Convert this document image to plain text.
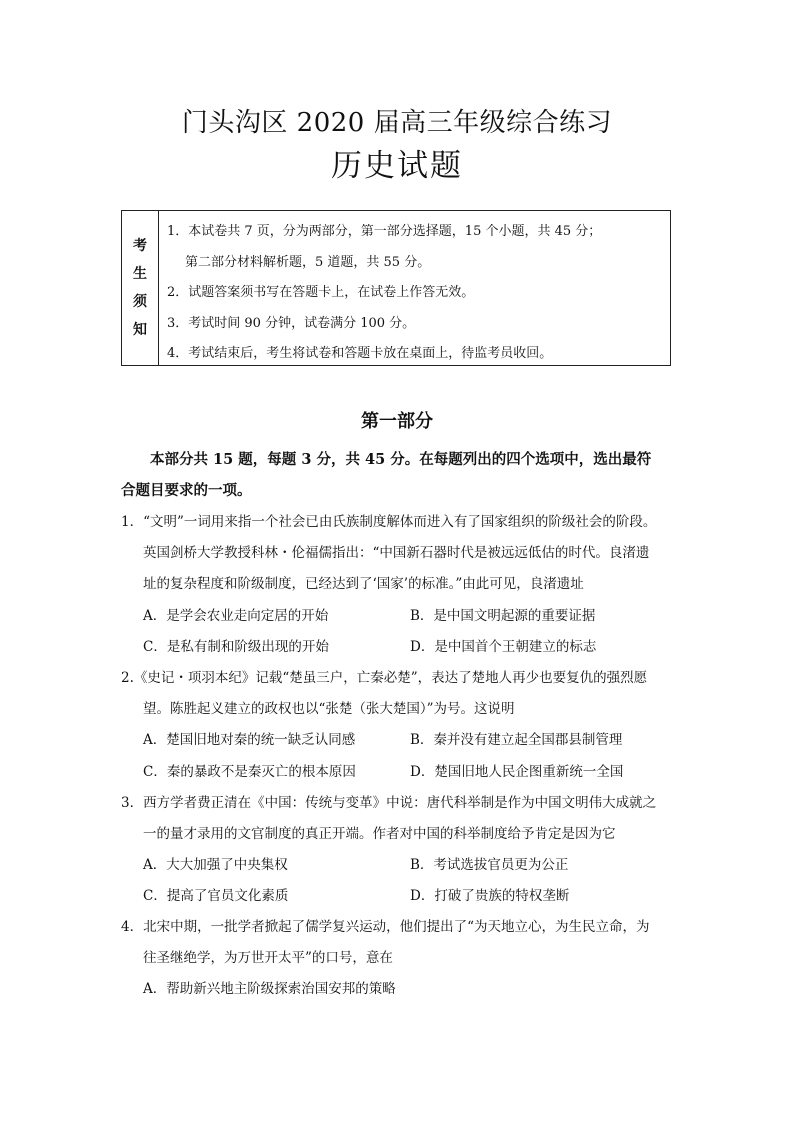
门头沟区 2020 届高三年级综合练习
历史试题
考
生
须
知
1．本试卷共 7 页，分为两部分，第一部分选择题，15 个小题，共 45 分；
第二部分材料解析题，5 道题，共 55 分。
2．试题答案须书写在答题卡上，在试卷上作答无效。
3．考试时间 90 分钟，试卷满分 100 分。
4．考试结束后，考生将试卷和答题卡放在桌面上，待监考员收回。
第一部分
本部分共 15 题，每题 3 分，共 45 分。在每题列出的四个选项中，选出最符
合题目要求的一项。
1．“文明”一词用来指一个社会已由氏族制度解体而进入有了国家组织的阶级社会的阶段。
英国剑桥大学教授科林・伦福儒指出：“中国新石器时代是被远远低估的时代。良渚遗
址的复杂程度和阶级制度，已经达到了‘国家’的标准。”由此可见，良渚遗址
A．是学会农业走向定居的开始	B．是中国文明起源的重要证据
C．是私有制和阶级出现的开始	D．是中国首个王朝建立的标志
2.《史记・项羽本纪》记载“楚虽三户，亡秦必楚”，表达了楚地人再少也要复仇的强烈愿
望。陈胜起义建立的政权也以“张楚（张大楚国）”为号。这说明
A．楚国旧地对秦的统一缺乏认同感	B．秦并没有建立起全国郡县制管理
C．秦的暴政不是秦灭亡的根本原因	D．楚国旧地人民企图重新统一全国
3．西方学者费正清在《中国：传统与变革》中说：唐代科举制是作为中国文明伟大成就之
一的量才录用的文官制度的真正开端。作者对中国的科举制度给予肯定是因为它
A．大大加强了中央集权	B．考试选拔官员更为公正
C．提高了官员文化素质	D．打破了贵族的特权垄断
4．北宋中期，一批学者掀起了儒学复兴运动，他们提出了“为天地立心，为生民立命，为
往圣继绝学，为万世开太平”的口号，意在
A．帮助新兴地主阶级探索治国安邦的策略
